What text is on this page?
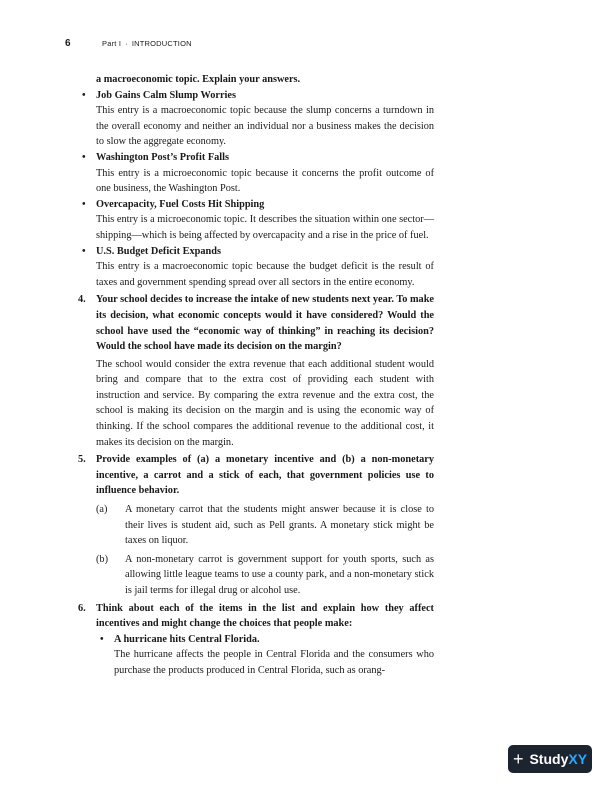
6	Part I · INTRODUCTION

a macroeconomic topic. Explain your answers.

• Job Gains Calm Slump Worries

This entry is a macroeconomic topic because the slump concerns a turndown in the overall economy and neither an individual nor a business makes the decision to slow the aggregate economy.

• Washington Post’s Profit Falls

This entry is a microeconomic topic because it concerns the profit outcome of one business, the Washington Post.

• Overcapacity, Fuel Costs Hit Shipping

This entry is a microeconomic topic. It describes the situation within one sector—shipping—which is being affected by overcapacity and a rise in the price of fuel.

• U.S. Budget Deficit Expands

This entry is a macroeconomic topic because the budget deficit is the result of taxes and government spending spread over all sectors in the entire economy.

4. Your school decides to increase the intake of new students next year. To make its decision, what economic concepts would it have considered? Would the school have used the “economic way of thinking” in reaching its decision? Would the school have made its decision on the margin?

The school would consider the extra revenue that each additional student would bring and compare that to the extra cost of providing each student with instruction and service. By comparing the extra revenue and the extra cost, the school is making its decision on the margin and is using the economic way of thinking. If the school compares the additional revenue to the additional cost, it makes its decision on the margin.

5. Provide examples of (a) a monetary incentive and (b) a non-monetary incentive, a carrot and a stick of each, that government policies use to influence behavior.

(a) A monetary carrot that the students might answer because it is close to their lives is student aid, such as Pell grants. A monetary stick might be taxes on liquor.

(b) A non-monetary carrot is government support for youth sports, such as allowing little league teams to use a county park, and a non-monetary stick is jail terms for illegal drug or alcohol use.

6. Think about each of the items in the list and explain how they affect incentives and might change the choices that people make:

• A hurricane hits Central Florida.

The hurricane affects the people in Central Florida and the consumers who purchase the products produced in Central Florida, such as orang-

+ StudyXY
